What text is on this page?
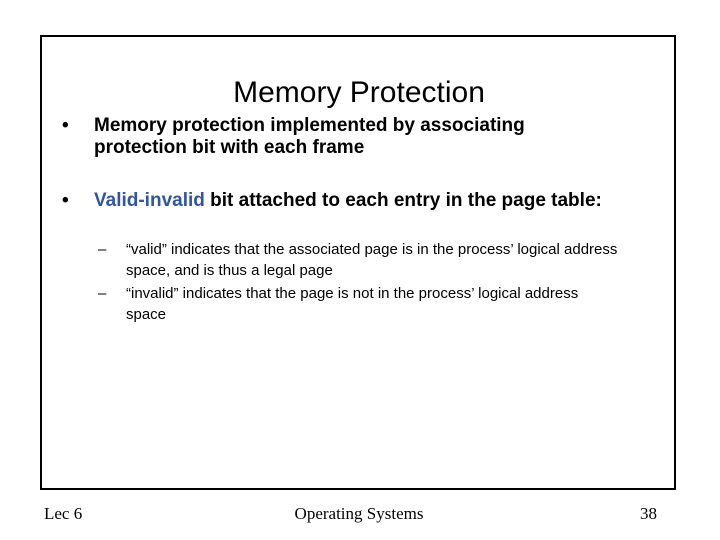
Memory Protection
• Memory protection implemented by associating protection bit with each frame
• Valid-invalid bit attached to each entry in the page table:
– “valid” indicates that the associated page is in the process’ logical address space, and is thus a legal page
– “invalid” indicates that the page is not in the process’ logical address space
Lec 6	Operating Systems	38
